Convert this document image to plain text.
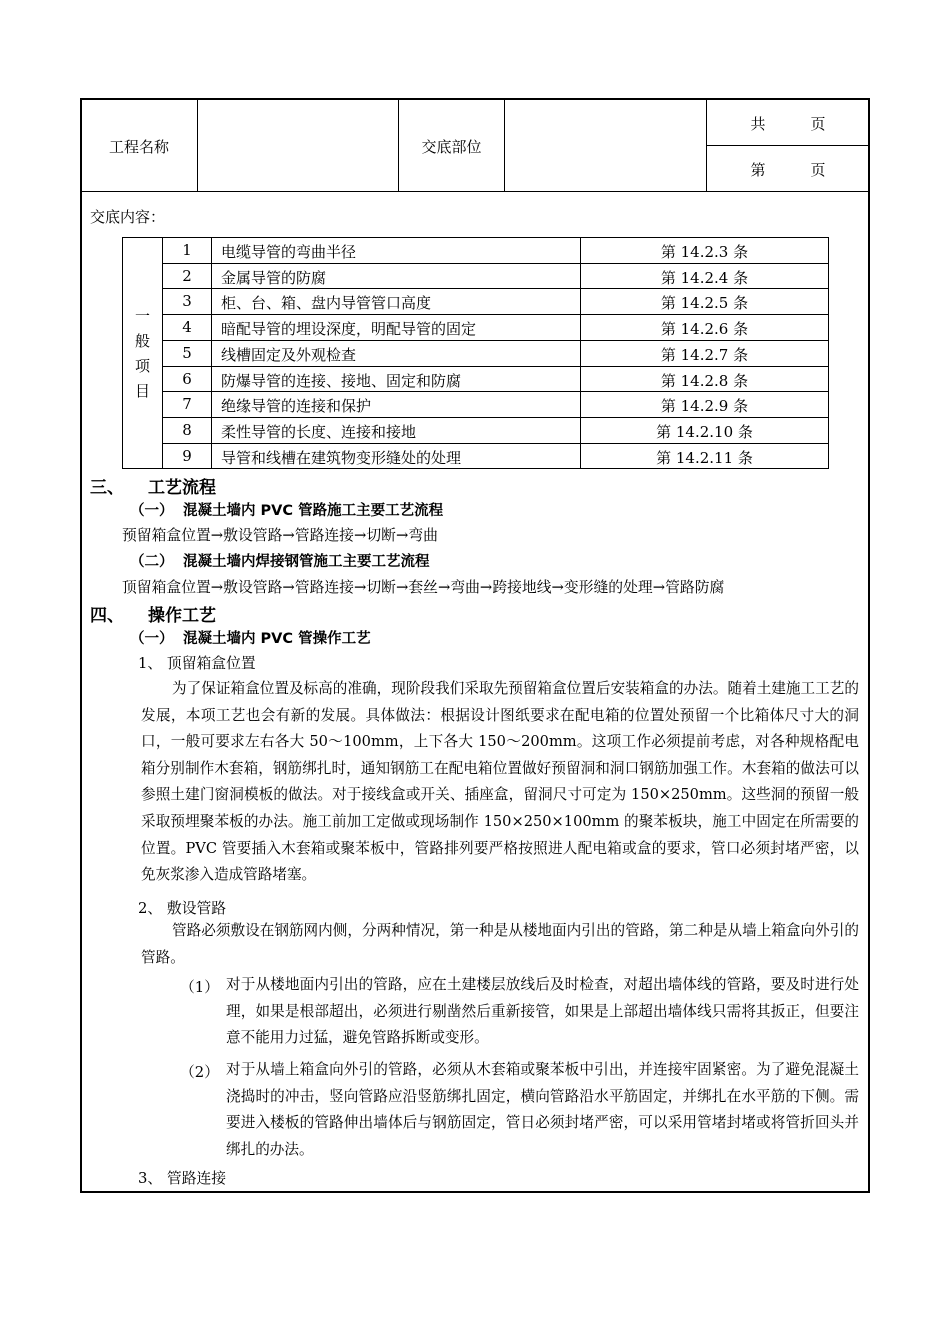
工程名称	交底部位
共　　　页
第　　　页
交底内容：
一
般
项
目
1	电缆导管的弯曲半径	第 14.2.3 条
2	金属导管的防腐	第 14.2.4 条
3	柜、台、箱、盘内导管管口高度	第 14.2.5 条
4	暗配导管的埋设深度，明配导管的固定	第 14.2.6 条
5	线槽固定及外观检查	第 14.2.7 条
6	防爆导管的连接、接地、固定和防腐	第 14.2.8 条
7	绝缘导管的连接和保护	第 14.2.9 条
8	柔性导管的长度、连接和接地	第 14.2.10 条
9	导管和线槽在建筑物变形缝处的处理	第 14.2.11 条
三、 工艺流程
（一） 混凝土墙内 PVC 管路施工主要工艺流程
预留箱盒位置→敷设管路→管路连接→切断→弯曲
（二） 混凝土墙内焊接钢管施工主要工艺流程
顶留箱盒位置→敷设管路→管路连接→切断→套丝→弯曲→跨接地线→变形缝的处理→管路防腐
四、 操作工艺
（一） 混凝土墙内 PVC 管操作工艺
1、 顶留箱盒位置
为了保证箱盒位置及标高的准确，现阶段我们采取先预留箱盒位置后安装箱盒的办法。随着土建施工工艺的发展，本项工艺也会有新的发展。具体做法：根据设计图纸要求在配电箱的位置处预留一个比箱体尺寸大的洞口，一般可要求左右各大 50～100mm，上下各大 150～200mm。这项工作必须提前考虑，对各种规格配电箱分别制作木套箱，钢筋绑扎时，通知钢筋工在配电箱位置做好预留洞和洞口钢筋加强工作。木套箱的做法可以参照土建门窗洞模板的做法。对于接线盒或开关、插座盒，留洞尺寸可定为 150×250mm。这些洞的预留一般采取预埋聚苯板的办法。施工前加工定做或现场制作 150×250×100mm 的聚苯板块，施工中固定在所需要的位置。PVC 管要插入木套箱或聚苯板中，管路排列要严格按照进人配电箱或盒的要求，管口必须封堵严密，以免灰浆渗入造成管路堵塞。
2、 敷设管路
管路必须敷设在钢筋网内侧，分两种情况，第一种是从楼地面内引出的管路，第二种是从墙上箱盒向外引的管路。
（1） 对于从楼地面内引出的管路，应在土建楼层放线后及时检查，对超出墙体线的管路，要及时进行处理，如果是根部超出，必须进行剔凿然后重新接管，如果是上部超出墙体线只需将其扳正，但要注意不能用力过猛，避免管路拆断或变形。
（2） 对于从墙上箱盒向外引的管路，必须从木套箱或聚苯板中引出，并连接牢固紧密。为了避免混凝土浇捣时的冲击，竖向管路应沿竖筋绑扎固定，横向管路沿水平筋固定，并绑扎在水平筋的下侧。需要进入楼板的管路伸出墙体后与钢筋固定，管日必须封堵严密，可以采用管堵封堵或将管折回头并绑扎的办法。
3、 管路连接
